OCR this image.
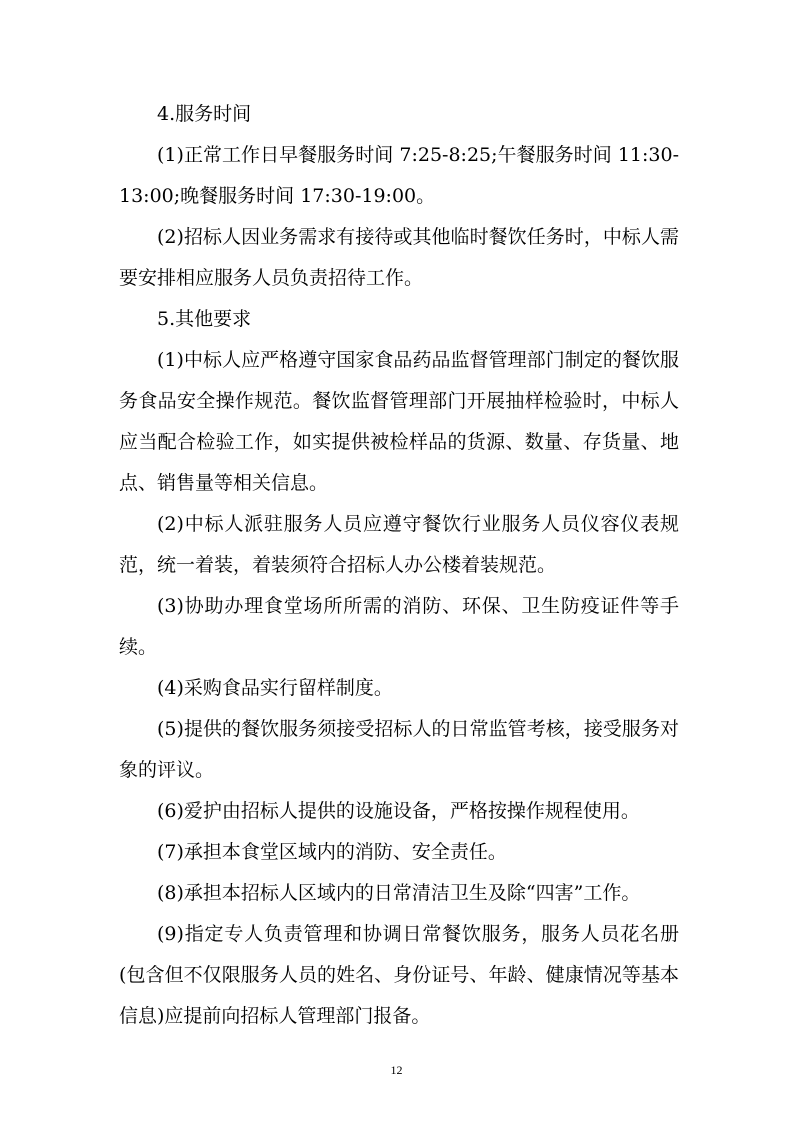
4.服务时间

(1)正常工作日早餐服务时间 7:25-8:25;午餐服务时间 11:30-13:00;晚餐服务时间 17:30-19:00。

(2)招标人因业务需求有接待或其他临时餐饮任务时，中标人需要安排相应服务人员负责招待工作。

5.其他要求

(1)中标人应严格遵守国家食品药品监督管理部门制定的餐饮服务食品安全操作规范。餐饮监督管理部门开展抽样检验时，中标人应当配合检验工作，如实提供被检样品的货源、数量、存货量、地点、销售量等相关信息。

(2)中标人派驻服务人员应遵守餐饮行业服务人员仪容仪表规范，统一着装，着装须符合招标人办公楼着装规范。

(3)协助办理食堂场所所需的消防、环保、卫生防疫证件等手续。

(4)采购食品实行留样制度。

(5)提供的餐饮服务须接受招标人的日常监管考核，接受服务对象的评议。

(6)爱护由招标人提供的设施设备，严格按操作规程使用。

(7)承担本食堂区域内的消防、安全责任。

(8)承担本招标人区域内的日常清洁卫生及除“四害”工作。

(9)指定专人负责管理和协调日常餐饮服务，服务人员花名册(包含但不仅限服务人员的姓名、身份证号、年龄、健康情况等基本信息)应提前向招标人管理部门报备。

12
